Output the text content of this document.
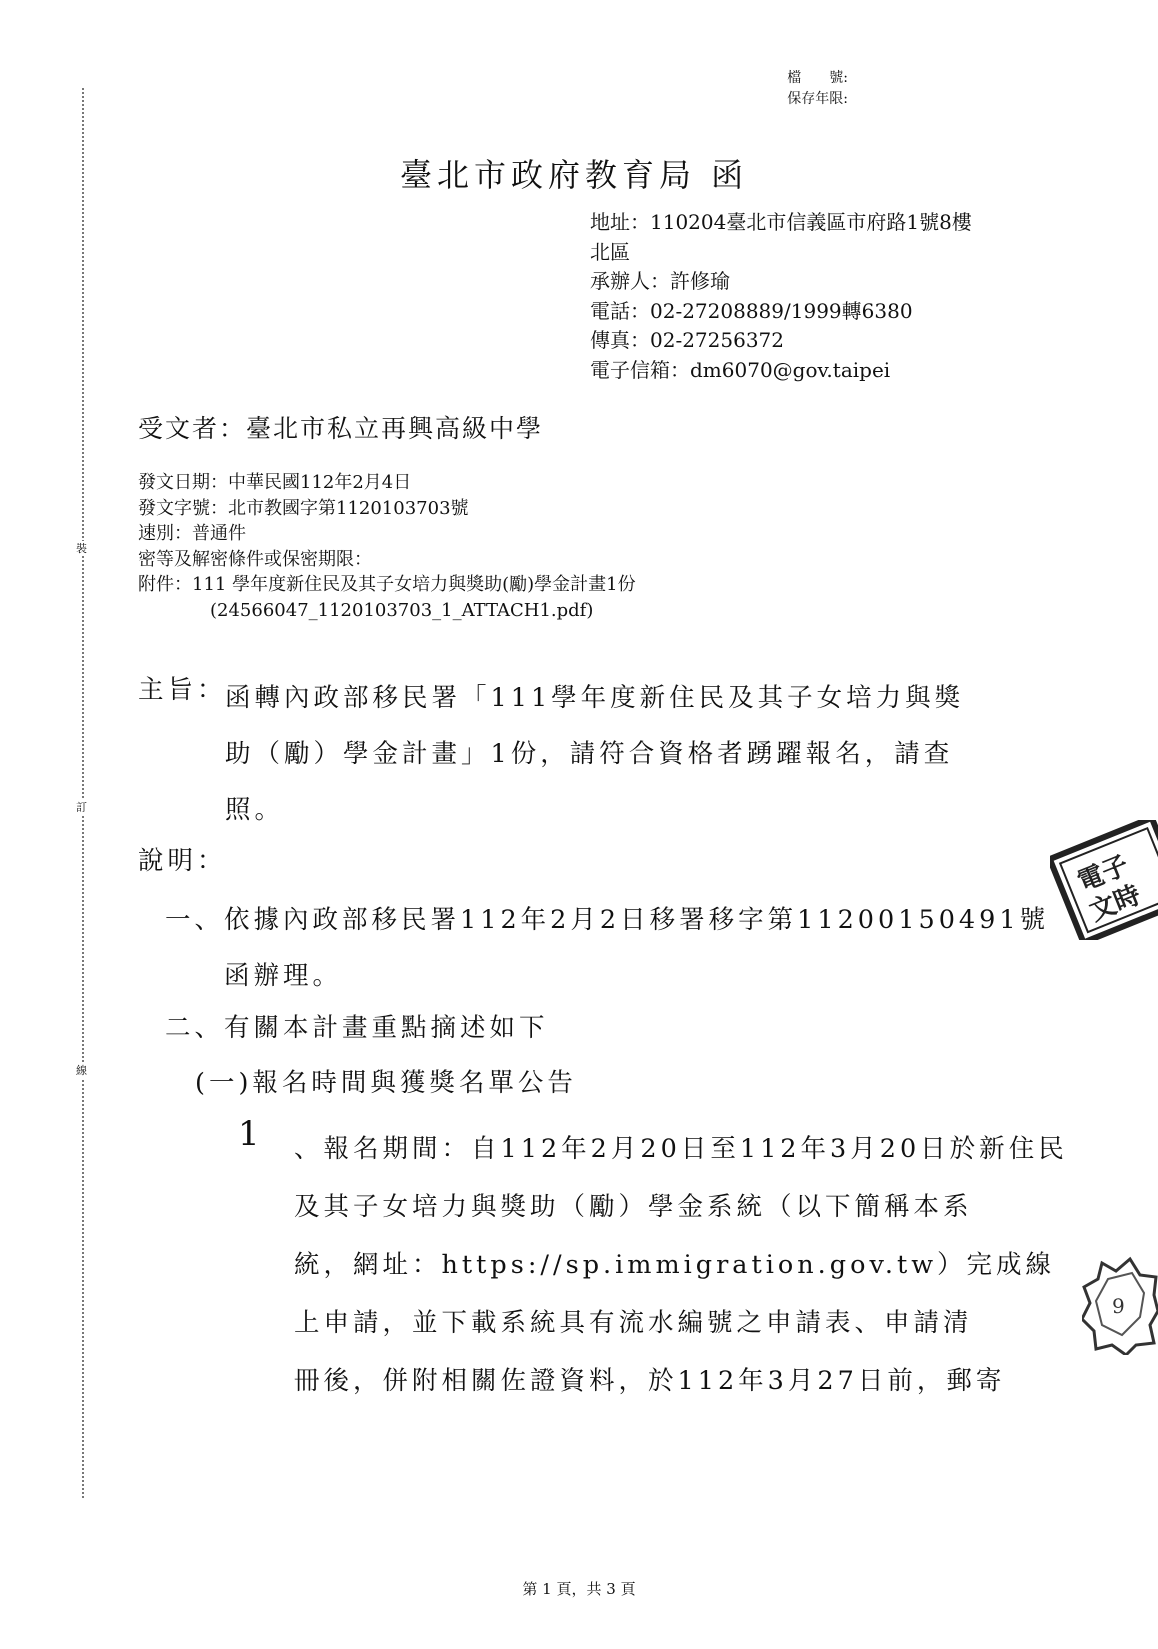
裝
訂
線
檔　　號:
保存年限:
臺北市政府教育局 函
地址：110204臺北市信義區市府路1號8樓
北區
承辦人：許修瑜
電話：02-27208889/1999轉6380
傳真：02-27256372
電子信箱：dm6070@gov.taipei
受文者：臺北市私立再興高級中學
發文日期：中華民國112年2月4日
發文字號：北市教國字第1120103703號
速別：普通件
密等及解密條件或保密期限：
附件：111 學年度新住民及其子女培力與獎助(勵)學金計畫1份
(24566047_1120103703_1_ATTACH1.pdf)
主旨：
函轉內政部移民署「111學年度新住民及其子女培力與獎
助（勵）學金計畫」1份，請符合資格者踴躍報名，請查
照。
說明：
一、依據內政部移民署112年2月2日移署移字第11200150491號
　　函辦理。
二、有關本計畫重點摘述如下
(一)報名時間與獲獎名單公告
1 、報名期間：自112年2月20日至112年3月20日於新住民
及其子女培力與獎助（勵）學金系統（以下簡稱本系
統，網址：https://sp.immigration.gov.tw）完成線
上申請，並下載系統具有流水編號之申請表、申請清
冊後，併附相關佐證資料，於112年3月27日前，郵寄
電子
文時
9
第 1 頁，共 3 頁
